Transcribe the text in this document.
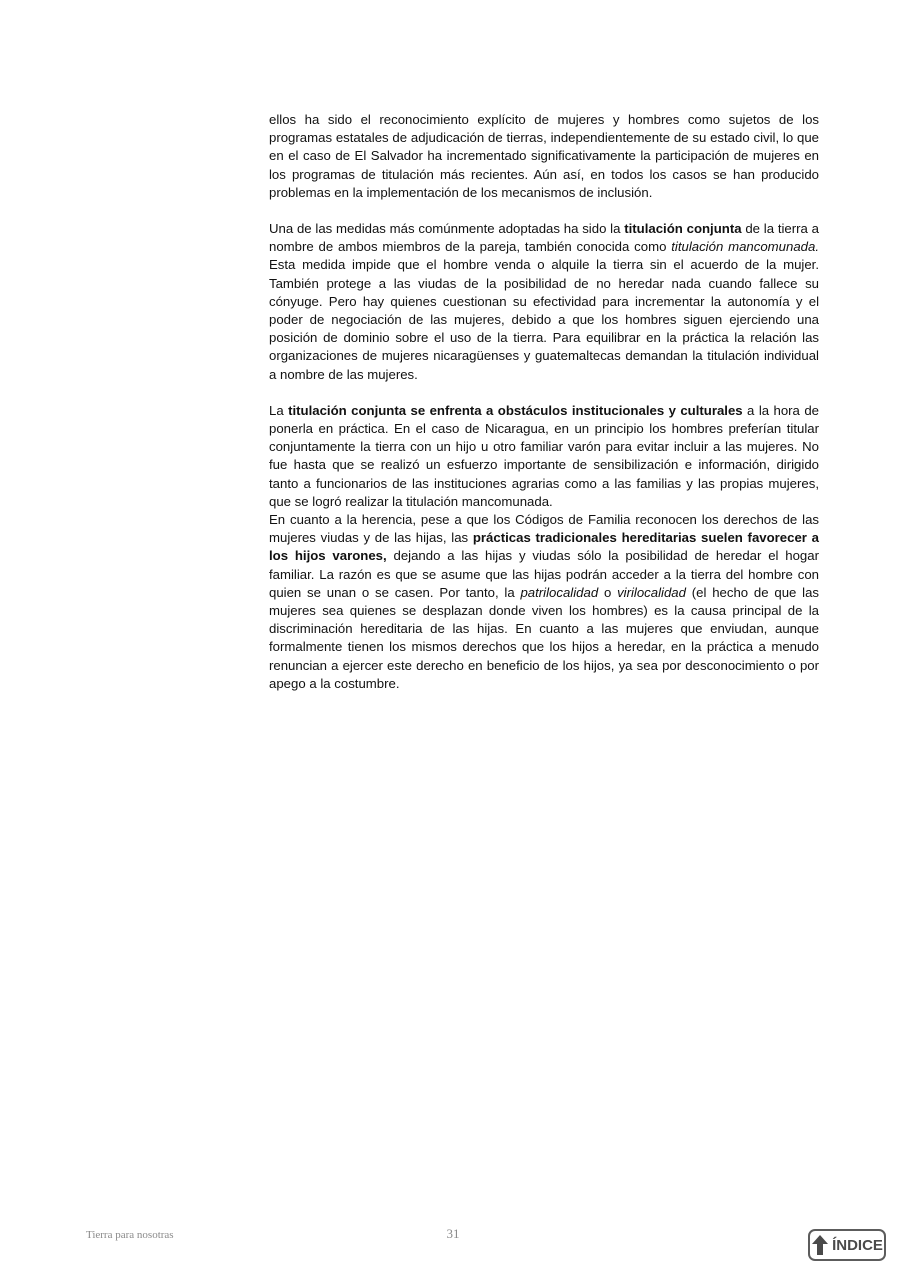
ellos ha sido el reconocimiento explícito de mujeres y hombres como sujetos de los programas estatales de adjudicación de tierras, independientemente de su estado civil, lo que en el caso de El Salvador ha incrementado significativamente la participación de mujeres en los programas de titulación más recientes. Aún así, en todos los casos se han producido problemas en la implementación de los mecanismos de inclusión.

Una de las medidas más comúnmente adoptadas ha sido la titulación conjunta de la tierra a nombre de ambos miembros de la pareja, también conocida como titulación mancomunada. Esta medida impide que el hombre venda o alquile la tierra sin el acuerdo de la mujer. También protege a las viudas de la posibilidad de no heredar nada cuando fallece su cónyuge. Pero hay quienes cuestionan su efectividad para incrementar la autonomía y el poder de negociación de las mujeres, debido a que los hombres siguen ejerciendo una posición de dominio sobre el uso de la tierra. Para equilibrar en la práctica la relación las organizaciones de mujeres nicaragüenses y guatemaltecas demandan la titulación individual a nombre de las mujeres.

La titulación conjunta se enfrenta a obstáculos institucionales y culturales a la hora de ponerla en práctica. En el caso de Nicaragua, en un principio los hombres preferían titular conjuntamente la tierra con un hijo u otro familiar varón para evitar incluir a las mujeres. No fue hasta que se realizó un esfuerzo importante de sensibilización e información, dirigido tanto a funcionarios de las instituciones agrarias como a las familias y las propias mujeres, que se logró realizar la titulación mancomunada.

En cuanto a la herencia, pese a que los Códigos de Familia reconocen los derechos de las mujeres viudas y de las hijas, las prácticas tradicionales hereditarias suelen favorecer a los hijos varones, dejando a las hijas y viudas sólo la posibilidad de heredar el hogar familiar. La razón es que se asume que las hijas podrán acceder a la tierra del hombre con quien se unan o se casen. Por tanto, la patrilocalidad o virilocalidad (el hecho de que las mujeres sea quienes se desplazan donde viven los hombres) es la causa principal de la discriminación hereditaria de las hijas. En cuanto a las mujeres que enviudan, aunque formalmente tienen los mismos derechos que los hijos a heredar, en la práctica a menudo renuncian a ejercer este derecho en beneficio de los hijos, ya sea por desconocimiento o por apego a la costumbre.

Tierra para nosotras	31
ÍNDICE
